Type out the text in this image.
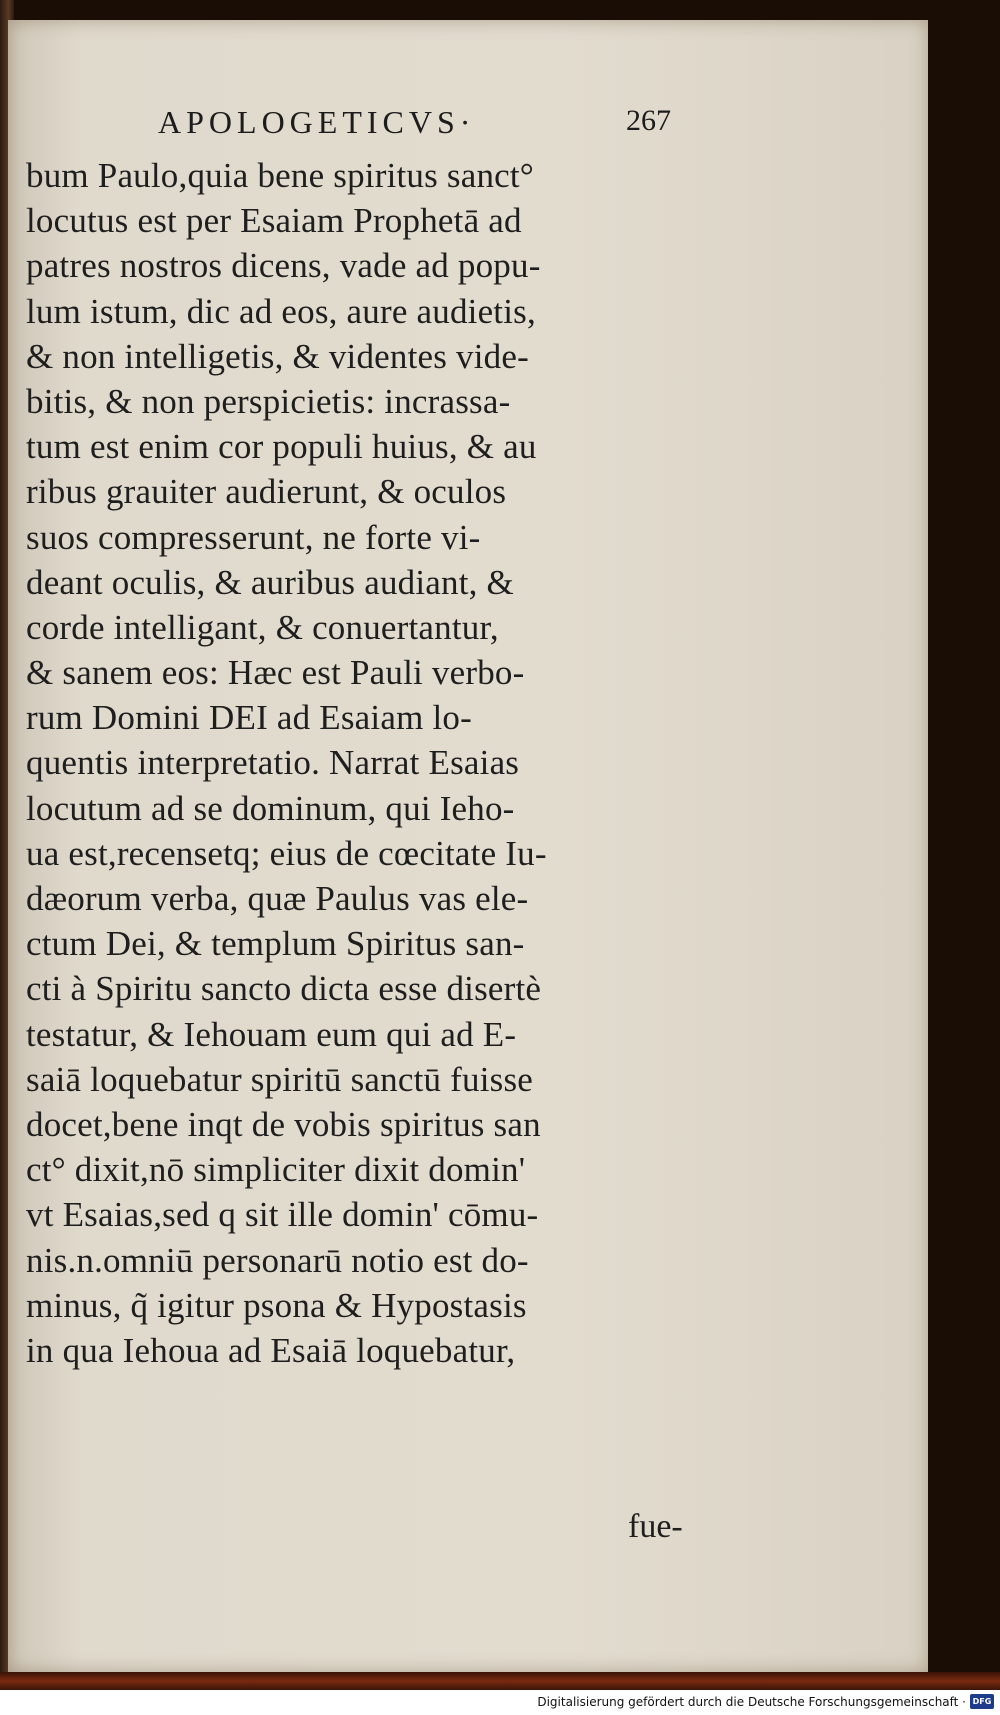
APOLOGETICVS·	267
bum Paulo,quia bene spiritus sanct°
locutus est per Esaiam Prophetā ad
patres nostros dicens, vade ad popu-
lum istum, dic ad eos, aure audietis,
& non intelligetis, & videntes vide-
bitis, & non perspicietis: incrassa-
tum est enim cor populi huius, & au
ribus grauiter audierunt, & oculos
suos compresserunt, ne forte vi-
deant oculis, & auribus audiant, &
corde intelligant, & conuertantur,
& sanem eos: Hæc est Pauli verbo-
rum Domini DEI ad Esaiam lo-
quentis interpretatio. Narrat Esaias
locutum ad se dominum, qui Ieho-
ua est,recensetq; eius de cœcitate Iu-
dæorum verba, quæ Paulus vas ele-
ctum Dei, & templum Spiritus san-
cti à Spiritu sancto dicta esse disertè
testatur, & Iehouam eum qui ad E-
saiā loquebatur spiritū sanctū fuisse
docet,bene inqt de vobis spiritus san
ct° dixit,nō simpliciter dixit domin'
vt Esaias,sed q sit ille domin' cōmu-
nis.n.omniū personarū notio est do-
minus, q̃ igitur psona & Hypostasis
in qua Iehoua ad Esaiā loquebatur,
fue-
Digitalisierung gefördert durch die Deutsche Forschungsgemeinschaft · DFG
